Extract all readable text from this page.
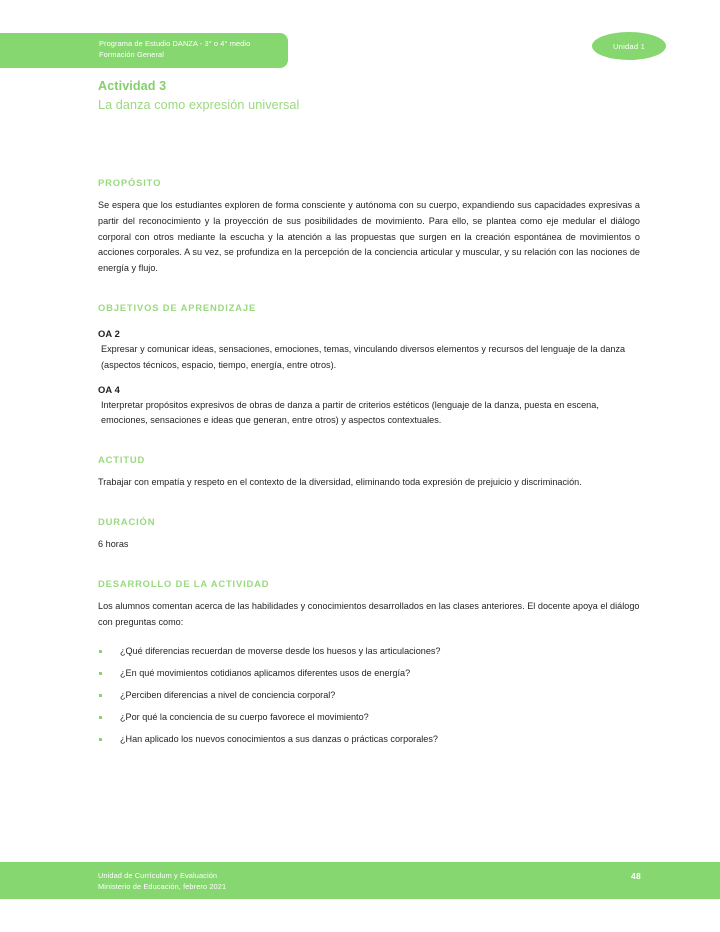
Programa de Estudio DANZA - 3° o 4° medio
Formación General
Unidad 1
Actividad 3
La danza como expresión universal
PROPÓSITO
Se espera que los estudiantes exploren de forma consciente y autónoma con su cuerpo, expandiendo sus capacidades expresivas a partir del reconocimiento y la proyección de sus posibilidades de movimiento. Para ello, se plantea como eje medular el diálogo corporal con otros mediante la escucha y la atención a las propuestas que surgen en la creación espontánea de movimientos o acciones corporales. A su vez, se profundiza en la percepción de la conciencia articular y muscular, y su relación con las nociones de energía y flujo.
OBJETIVOS DE APRENDIZAJE
OA 2
Expresar y comunicar ideas, sensaciones, emociones, temas, vinculando diversos elementos y recursos del lenguaje de la danza (aspectos técnicos, espacio, tiempo, energía, entre otros).
OA 4
Interpretar propósitos expresivos de obras de danza a partir de criterios estéticos (lenguaje de la danza, puesta en escena, emociones, sensaciones e ideas que generan, entre otros) y aspectos contextuales.
ACTITUD
Trabajar con empatía y respeto en el contexto de la diversidad, eliminando toda expresión de prejuicio y discriminación.
DURACIÓN
6 horas
DESARROLLO DE LA ACTIVIDAD
Los alumnos comentan acerca de las habilidades y conocimientos desarrollados en las clases anteriores. El docente apoya el diálogo con preguntas como:
¿Qué diferencias recuerdan de moverse desde los huesos y las articulaciones?
¿En qué movimientos cotidianos aplicamos diferentes usos de energía?
¿Perciben diferencias a nivel de conciencia corporal?
¿Por qué la conciencia de su cuerpo favorece el movimiento?
¿Han aplicado los nuevos conocimientos a sus danzas o prácticas corporales?
Unidad de Currículum y Evaluación
Ministerio de Educación, febrero 2021
48
